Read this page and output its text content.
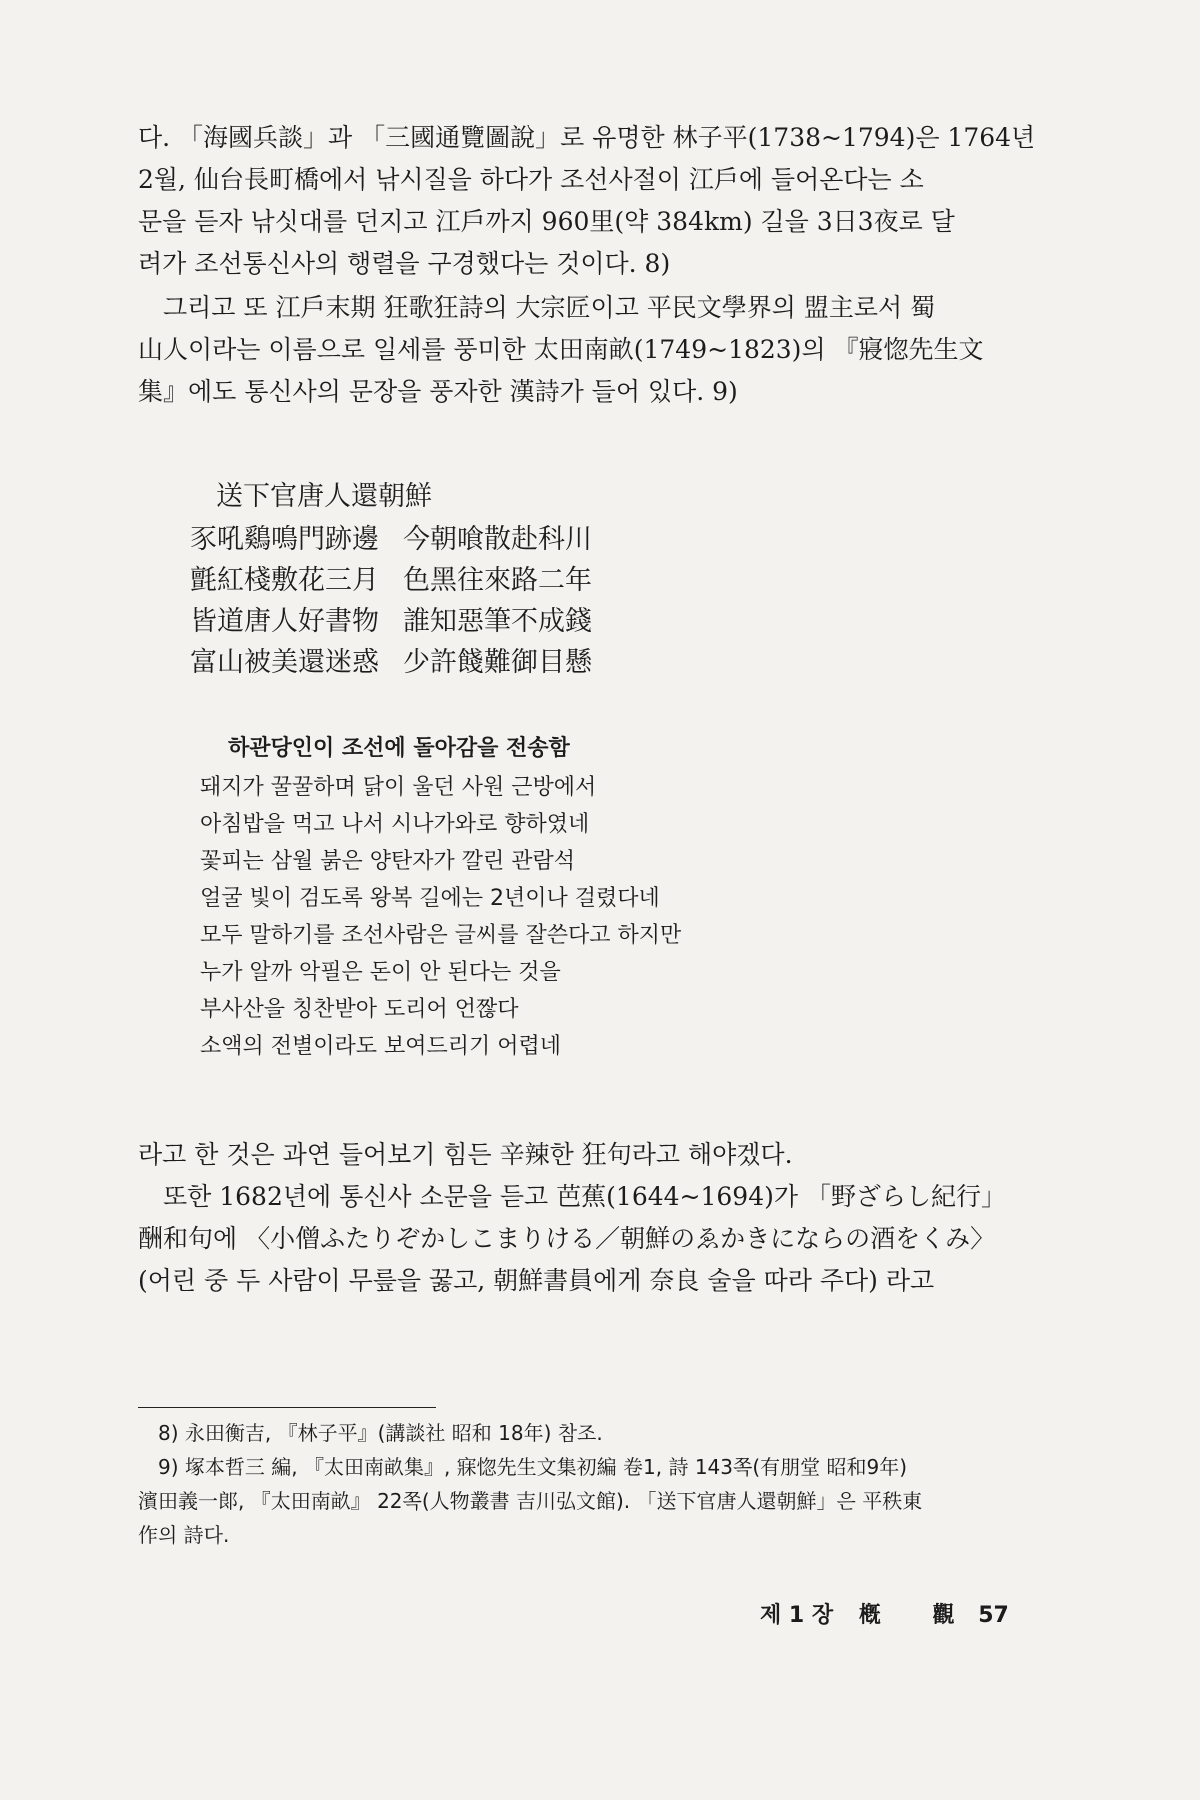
다. 「海國兵談」과 「三國通覽圖說」로 유명한 林子平(1738~1794)은 1764년
2월, 仙台長町橋에서 낚시질을 하다가 조선사절이 江戶에 들어온다는 소
문을 듣자 낚싯대를 던지고 江戶까지 960里(약 384km) 길을 3日3夜로 달
려가 조선통신사의 행렬을 구경했다는 것이다. 8)
　그리고 또 江戶末期 狂歌狂詩의 大宗匠이고 平民文學界의 盟主로서 蜀
山人이라는 이름으로 일세를 풍미한 太田南畝(1749~1823)의 『寢惚先生文
集』에도 통신사의 문장을 풍자한 漢詩가 들어 있다. 9)
送下官唐人還朝鮮
豕吼鷄鳴門跡邊 今朝喰散赴科川
氈紅棧敷花三月 色黑往來路二年
皆道唐人好書物 誰知惡筆不成錢
富山被美還迷惑 少許餞難御目懸
하관당인이 조선에 돌아감을 전송함
돼지가 꿀꿀하며 닭이 울던 사원 근방에서
아침밥을 먹고 나서 시나가와로 향하였네
꽃피는 삼월 붉은 양탄자가 깔린 관람석
얼굴 빛이 검도록 왕복 길에는 2년이나 걸렸다네
모두 말하기를 조선사람은 글씨를 잘쓴다고 하지만
누가 알까 악필은 돈이 안 된다는 것을
부사산을 칭찬받아 도리어 언짢다
소액의 전별이라도 보여드리기 어렵네
라고 한 것은 과연 들어보기 힘든 辛辣한 狂句라고 해야겠다.
　또한 1682년에 통신사 소문을 듣고 芭蕉(1644~1694)가 「野ざらし紀行」
酬和句에 〈小僧ふたりぞかしこまりける／朝鮮のゑかきにならの酒をくみ〉
(어린 중 두 사람이 무릎을 꿇고, 朝鮮書員에게 奈良 술을 따라 주다) 라고
　8) 永田衡吉, 『林子平』(講談社 昭和 18年) 참조.
　9) 塚本哲三 編, 『太田南畝集』, 寐惚先生文集初編 卷1, 詩 143쪽(有朋堂 昭和9年)
濱田義一郞, 『太田南畝』 22쪽(人物叢書 吉川弘文館). 「送下官唐人還朝鮮」은 平秩東
作의 詩다.
제 1 장 槪 觀 57
